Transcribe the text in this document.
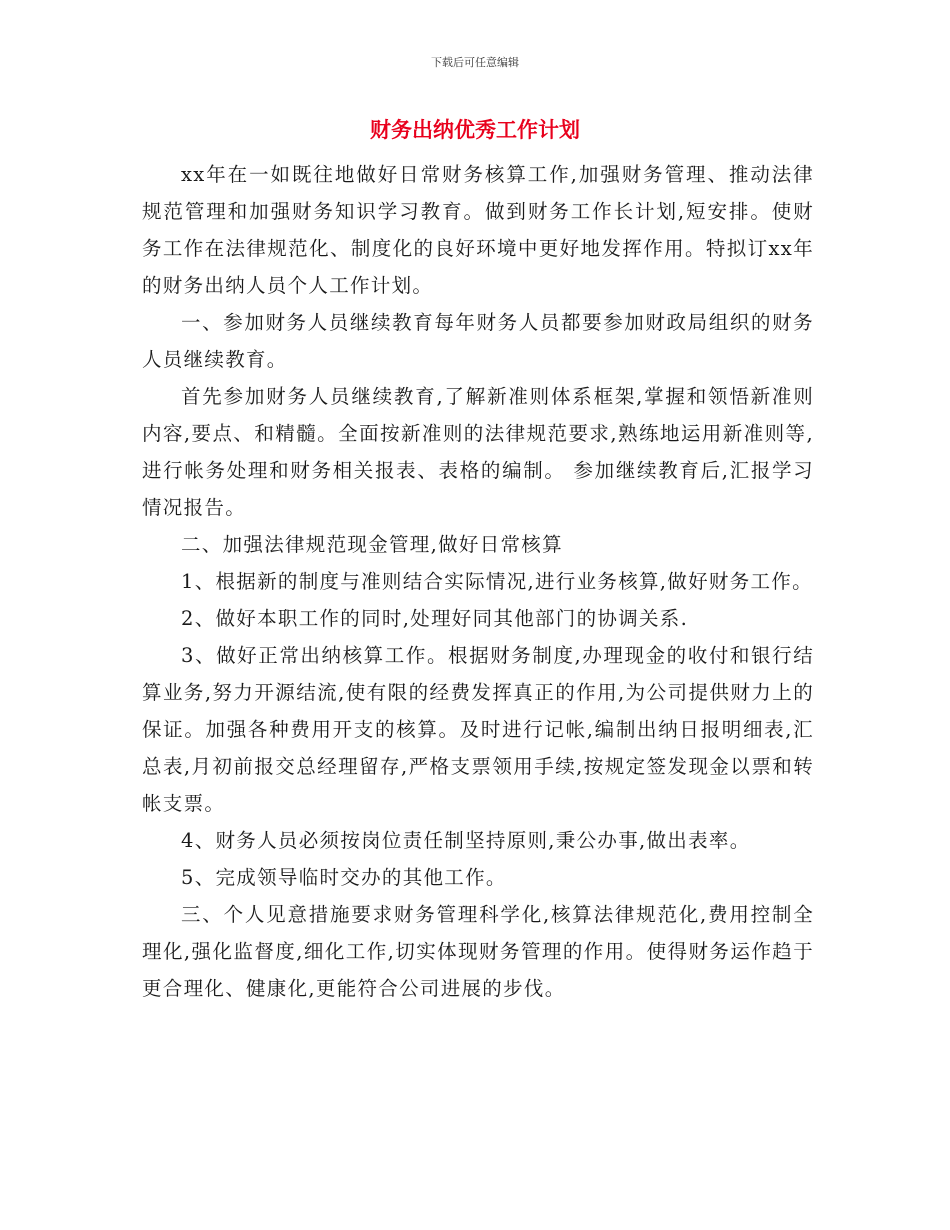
下载后可任意编辑
财务出纳优秀工作计划

xx年在一如既往地做好日常财务核算工作,加强财务管理、推动法律规范管理和加强财务知识学习教育。做到财务工作长计划,短安排。使财务工作在法律规范化、制度化的良好环境中更好地发挥作用。特拟订xx年的财务出纳人员个人工作计划。

一、参加财务人员继续教育每年财务人员都要参加财政局组织的财务人员继续教育。

首先参加财务人员继续教育,了解新准则体系框架,掌握和领悟新准则内容,要点、和精髓。全面按新准则的法律规范要求,熟练地运用新准则等,进行帐务处理和财务相关报表、表格的编制。 参加继续教育后,汇报学习情况报告。

二、加强法律规范现金管理,做好日常核算

1、根据新的制度与准则结合实际情况,进行业务核算,做好财务工作。

2、做好本职工作的同时,处理好同其他部门的协调关系.

3、做好正常出纳核算工作。根据财务制度,办理现金的收付和银行结算业务,努力开源结流,使有限的经费发挥真正的作用,为公司提供财力上的保证。加强各种费用开支的核算。及时进行记帐,编制出纳日报明细表,汇总表,月初前报交总经理留存,严格支票领用手续,按规定签发现金以票和转帐支票。

4、财务人员必须按岗位责任制坚持原则,秉公办事,做出表率。

5、完成领导临时交办的其他工作。

三、个人见意措施要求财务管理科学化,核算法律规范化,费用控制全理化,强化监督度,细化工作,切实体现财务管理的作用。使得财务运作趋于更合理化、健康化,更能符合公司进展的步伐。
